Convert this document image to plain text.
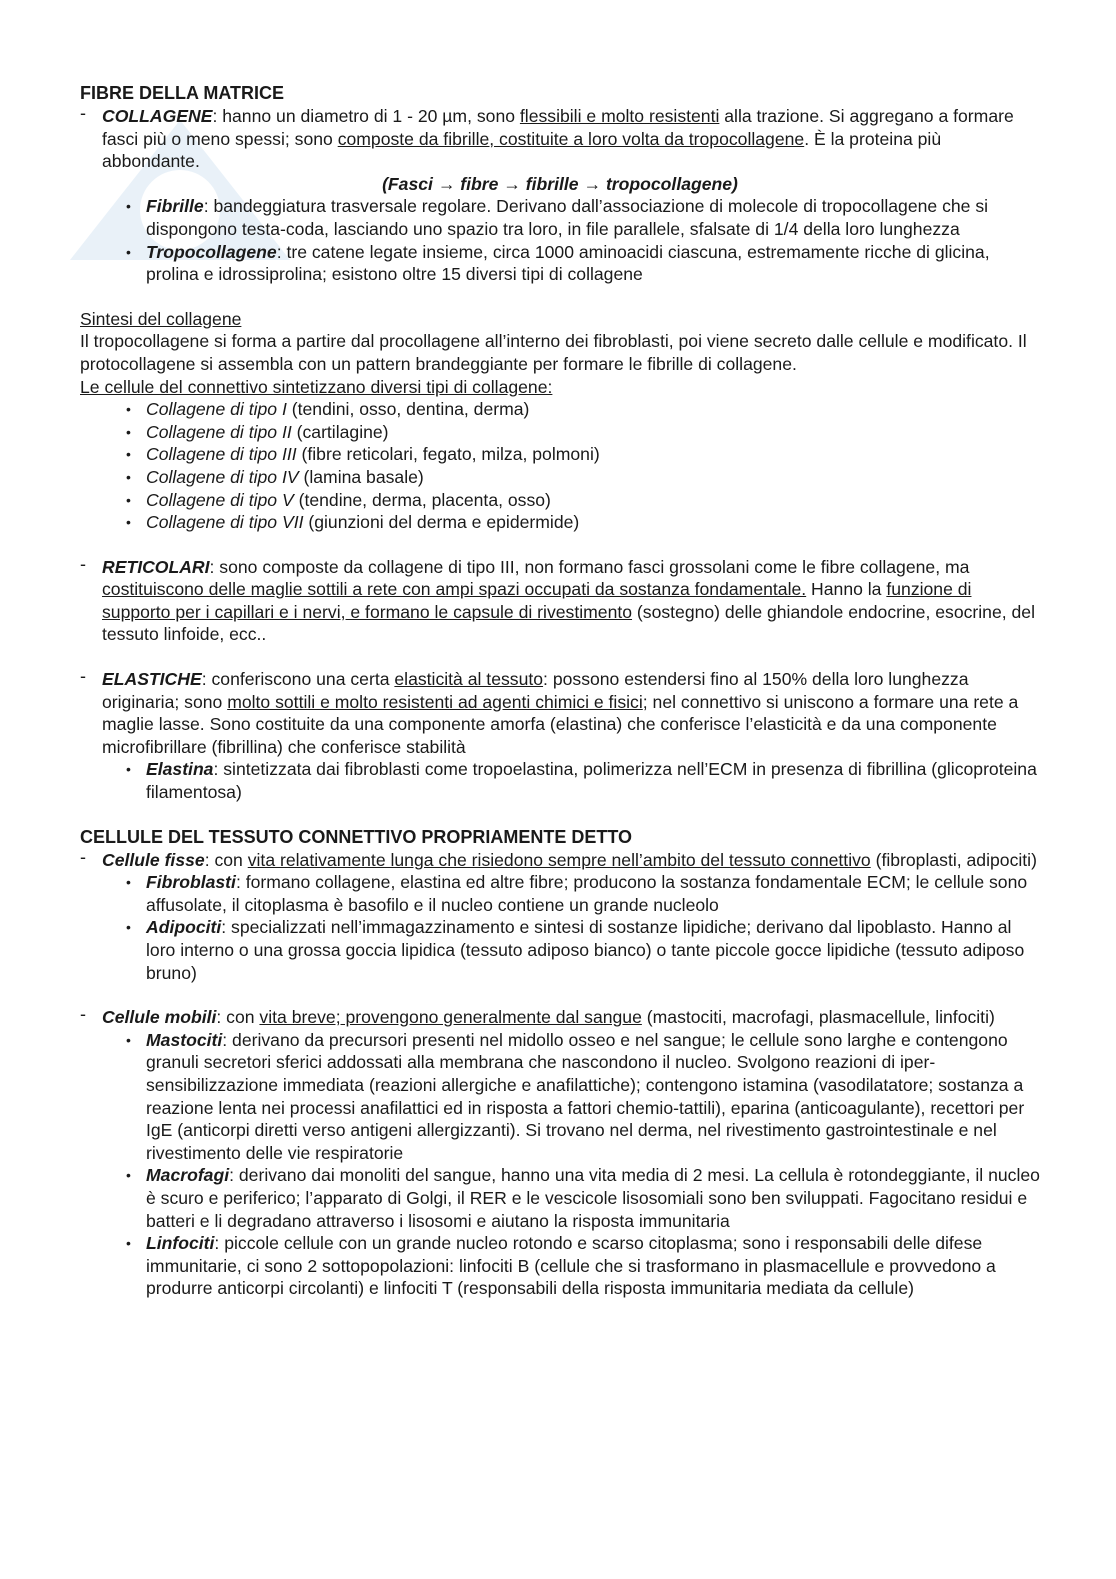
FIBRE DELLA MATRICE
- COLLAGENE: hanno un diametro di 1 - 20 µm, sono flessibili e molto resistenti alla trazione. Si aggregano a formare fasci più o meno spessi; sono composte da fibrille, costituite a loro volta da tropocollagene. È la proteina più abbondante.
(Fasci → fibre → fibrille → tropocollagene)
• Fibrille: bandeggiatura trasversale regolare. Derivano dall’associazione di molecole di tropocollagene che si dispongono testa-coda, lasciando uno spazio tra loro, in file parallele, sfalsate di 1/4 della loro lunghezza
• Tropocollagene: tre catene legate insieme, circa 1000 aminoacidi ciascuna, estremamente ricche di glicina, prolina e idrossiprolina; esistono oltre 15 diversi tipi di collagene
Sintesi del collagene
Il tropocollagene si forma a partire dal procollagene all’interno dei fibroblasti, poi viene secreto dalle cellule e modificato. Il protocollagene si assembla con un pattern brandeggiante per formare le fibrille di collagene.
Le cellule del connettivo sintetizzano diversi tipi di collagene:
• Collagene di tipo I (tendini, osso, dentina, derma)
• Collagene di tipo II (cartilagine)
• Collagene di tipo III (fibre reticolari, fegato, milza, polmoni)
• Collagene di tipo IV (lamina basale)
• Collagene di tipo V (tendine, derma, placenta, osso)
• Collagene di tipo VII (giunzioni del derma e epidermide)
- RETICOLARI: sono composte da collagene di tipo III, non formano fasci grossolani come le fibre collagene, ma costituiscono delle maglie sottili a rete con ampi spazi occupati da sostanza fondamentale. Hanno la funzione di supporto per i capillari e i nervi, e formano le capsule di rivestimento (sostegno) delle ghiandole endocrine, esocrine, del tessuto linfoide, ecc..
- ELASTICHE: conferiscono una certa elasticità al tessuto: possono estendersi fino al 150% della loro lunghezza originaria; sono molto sottili e molto resistenti ad agenti chimici e fisici; nel connettivo si uniscono a formare una rete a maglie lasse. Sono costituite da una componente amorfa (elastina) che conferisce l’elasticità e da una componente microfibrillare (fibrillina) che conferisce stabilità
• Elastina: sintetizzata dai fibroblasti come tropoelastina, polimerizza nell’ECM in presenza di fibrillina (glicoproteina filamentosa)
CELLULE DEL TESSUTO CONNETTIVO PROPRIAMENTE DETTO
- Cellule fisse: con vita relativamente lunga che risiedono sempre nell’ambito del tessuto connettivo (fibroplasti, adipociti)
• Fibroblasti: formano collagene, elastina ed altre fibre; producono la sostanza fondamentale ECM; le cellule sono affusolate, il citoplasma è basofilo e il nucleo contiene un grande nucleolo
• Adipociti: specializzati nell’immagazzinamento e sintesi di sostanze lipidiche; derivano dal lipoblasto. Hanno al loro interno o una grossa goccia lipidica (tessuto adiposo bianco) o tante piccole gocce lipidiche (tessuto adiposo bruno)
- Cellule mobili: con vita breve; provengono generalmente dal sangue (mastociti, macrofagi, plasmacellule, linfociti)
• Mastociti: derivano da precursori presenti nel midollo osseo e nel sangue; le cellule sono larghe e contengono granuli secretori sferici addossati alla membrana che nascondono il nucleo. Svolgono reazioni di iper-sensibilizzazione immediata (reazioni allergiche e anafilattiche); contengono istamina (vasodilatatore; sostanza a reazione lenta nei processi anafilattici ed in risposta a fattori chemio-tattili), eparina (anticoagulante), recettori per IgE (anticorpi diretti verso antigeni allergizzanti). Si trovano nel derma, nel rivestimento gastrointestinale e nel rivestimento delle vie respiratorie
• Macrofagi: derivano dai monoliti del sangue, hanno una vita media di 2 mesi. La cellula è rotondeggiante, il nucleo è scuro e periferico; l’apparato di Golgi, il RER e le vescicole lisosomiali sono ben sviluppati. Fagocitano residui e batteri e li degradano attraverso i lisosomi e aiutano la risposta immunitaria
• Linfociti: piccole cellule con un grande nucleo rotondo e scarso citoplasma; sono i responsabili delle difese immunitarie, ci sono 2 sottopopolazioni: linfociti B (cellule che si trasformano in plasmacellule e provvedono a produrre anticorpi circolanti) e linfociti T (responsabili della risposta immunitaria mediata da cellule)
